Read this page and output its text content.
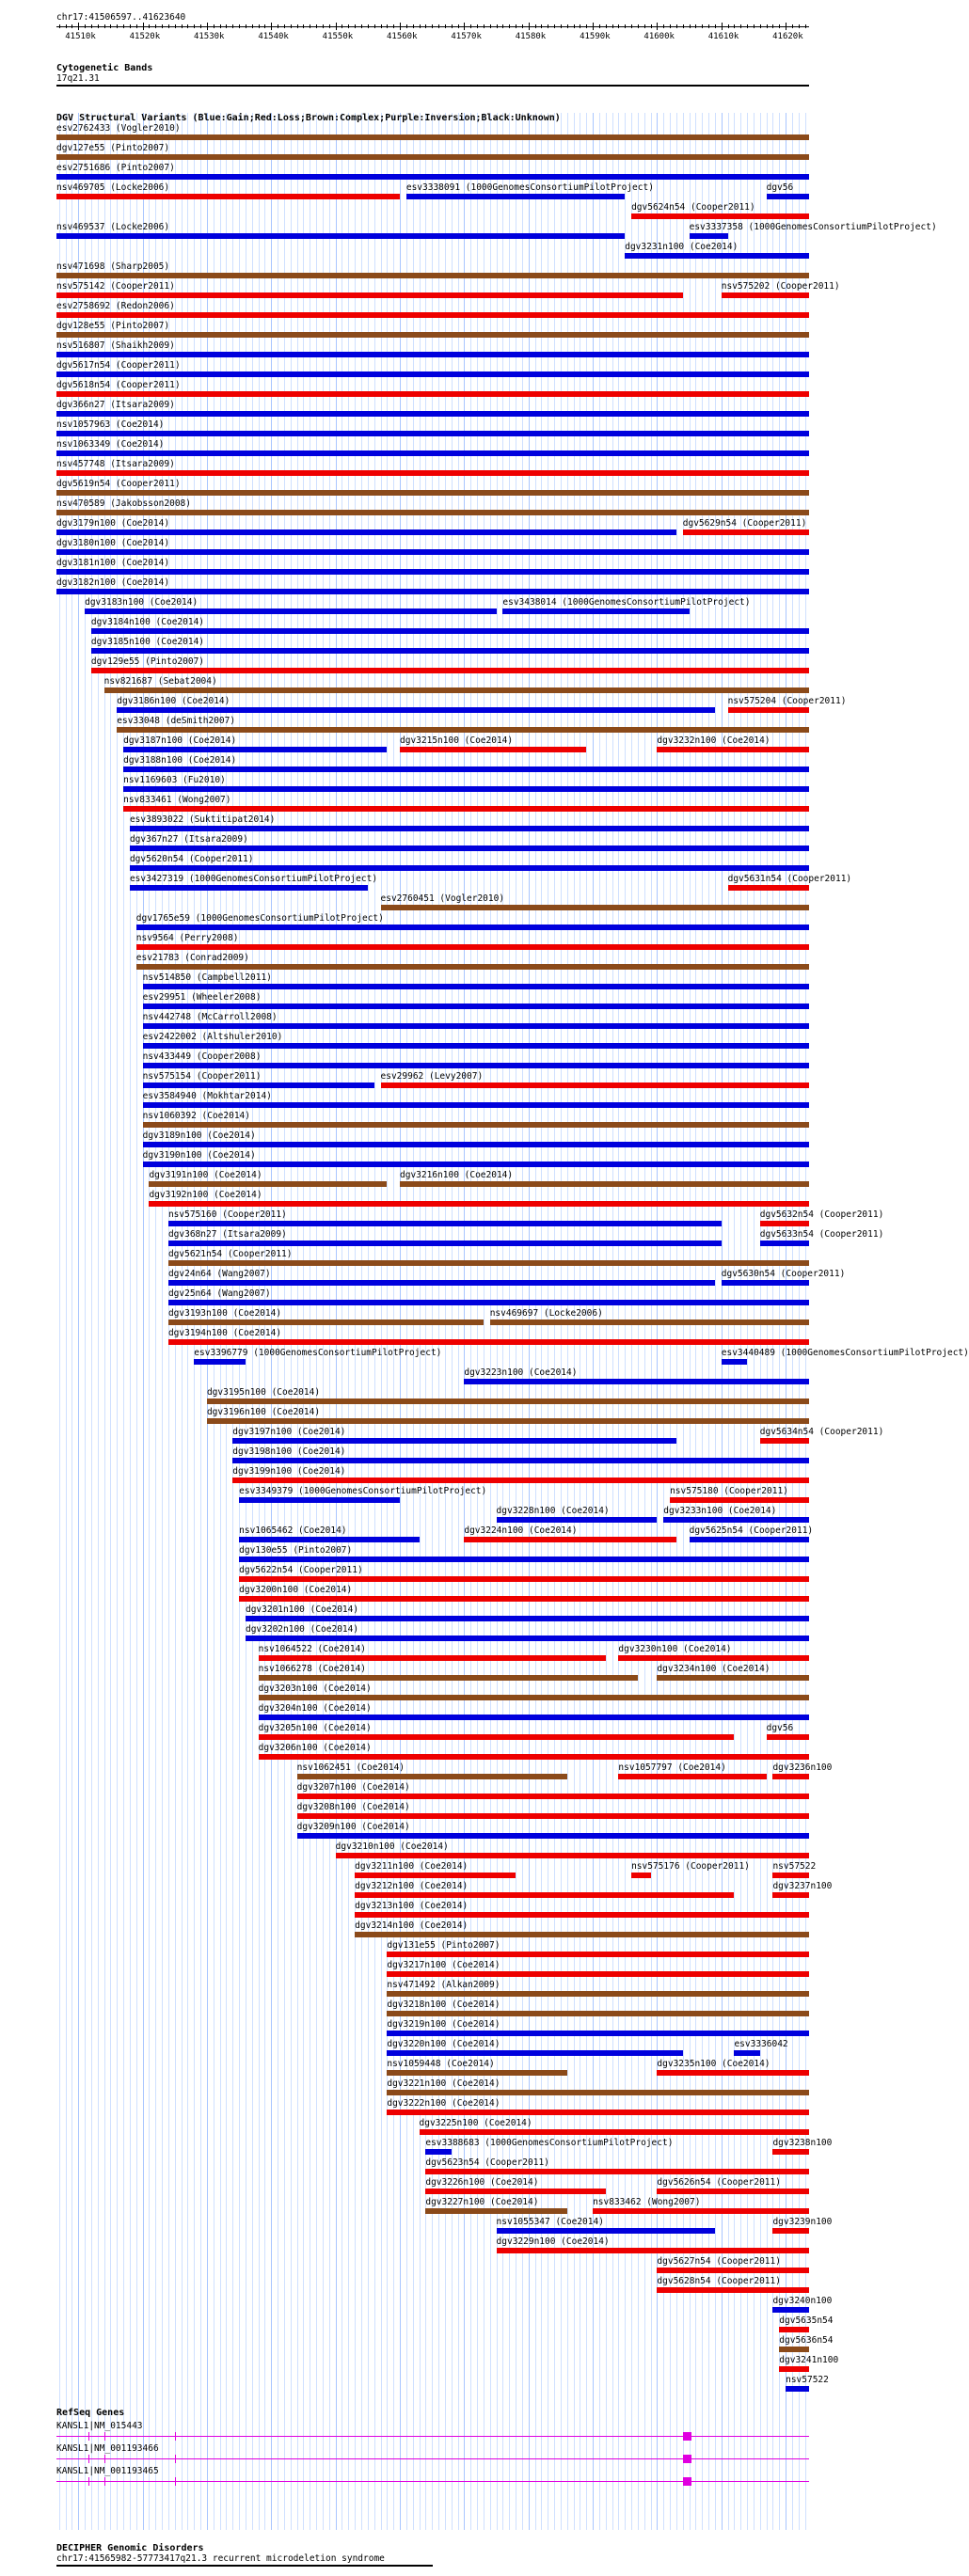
chr17:41506597..41623640
41510k	41520k	41530k	41540k	41550k	41560k	41570k	41580k	41590k	41600k	41610k	41620k
Cytogenetic Bands
17q21.31
DGV Structural Variants (Blue:Gain;Red:Loss;Brown:Complex;Purple:Inversion;Black:Unknown)
esv2762433 (Vogler2010)
dgv127e55 (Pinto2007)
esv2751686 (Pinto2007)
nsv469705 (Locke2006)	esv3338091 (1000GenomesConsortiumPilotProject)
dgv5624n54 (Cooper2011)
nsv469537 (Locke2006)
dgv3231n100 (Coe2014)
nsv471698 (Sharp2005)
nsv575142 (Cooper2011)
esv3337358 (1000GenomesConsortiumPilotProject)
esv2758692 (Redon2006)
dgv128e55 (Pinto2007)
nsv516807 (Shaikh2009)
dgv5617n54 (Cooper2011)
dgv5618n54 (Cooper2011)
dgv366n27 (Itsara2009)
nsv1057963 (Coe2014)
nsv1063349 (Coe2014)
nsv457748 (Itsara2009)
dgv5619n54 (Cooper2011)
nsv470589 (Jakobsson2008)
dgv3179n100 (Coe2014)	dgv5629n54 (Cooper2011)
dgv3180n100 (Coe2014)
dgv3181n100 (Coe2014)
dgv3182n100 (Coe2014)
dgv3183n100 (Coe2014)	esv3438014 (1000GenomesConsortiumPilotProject)
dgv56
dgv3184n100 (Coe2014)
dgv3185n100 (Coe2014)
dgv129e55 (Pinto2007)
nsv821687 (Sebat2004)
dgv3186n100 (Coe2014)
nsv575202 (Cooper2011)
esv33048 (deSmith2007)
dgv3187n100 (Coe2014)	dgv3215n100 (Coe2014)	dgv3232n100 (Coe2014)
dgv3188n100 (Coe2014)
nsv1169603 (Fu2010)
nsv833461 (Wong2007)
esv3893022 (Suktitipat2014)
dgv367n27 (Itsara2009)
dgv5620n54 (Cooper2011)
esv3427319 (1000GenomesConsortiumPilotProject)
esv2760451 (Vogler2010)
dgv1765e59 (1000GenomesConsortiumPilotProject)
nsv9564 (Perry2008)
esv21783 (Conrad2009)
nsv514850 (Campbell2011)
esv29951 (Wheeler2008)
nsv442748 (McCarroll2008)
esv2422002 (Altshuler2010)
nsv433449 (Cooper2008)
nsv575154 (Cooper2011)	esv29962 (Levy2007)
esv3584940 (Mokhtar2014)
nsv1060392 (Coe2014)
dgv3189n100 (Coe2014)
dgv3190n100 (Coe2014)
dgv3191n100 (Coe2014)	dgv3216n100 (Coe2014)
dgv3192n100 (Coe2014)
nsv575160 (Cooper2011)
nsv575204 (Cooper2011)
dgv368n27 (Itsara2009)
dgv5631n54 (Cooper2011)
dgv5621n54 (Cooper2011)
dgv24n64 (Wang2007)	dgv5630n54 (Cooper2011)
dgv25n64 (Wang2007)
dgv3193n100 (Coe2014)	nsv469697 (Locke2006)
dgv3194n100 (Coe2014)
esv3396779 (1000GenomesConsortiumPilotProject)
dgv3223n100 (Coe2014)
dgv3195n100 (Coe2014)
dgv3196n100 (Coe2014)
dgv3197n100 (Coe2014)
esv3440489 (1000GenomesConsortiumPilotProject)
dgv3198n100 (Coe2014)
dgv3199n100 (Coe2014)
esv3349379 (1000GenomesConsortiumPilotProject)
dgv3228n100 (Coe2014)
nsv575180 (Cooper2011)
nsv1065462 (Coe2014)	dgv3224n100 (Coe2014)
dgv5632n54 (Cooper2011)
dgv130e55 (Pinto2007)
dgv5622n54 (Cooper2011)
dgv3200n100 (Coe2014)
dgv3201n100 (Coe2014)
dgv3202n100 (Coe2014)
nsv1064522 (Coe2014)	dgv3230n100 (Coe2014)
nsv1066278 (Coe2014)	dgv3234n100 (Coe2014)
dgv3203n100 (Coe2014)
dgv3204n100 (Coe2014)
dgv3205n100 (Coe2014)
dgv5633n54 (Cooper2011)
dgv3206n100 (Coe2014)
nsv1062451 (Coe2014)	nsv1057797 (Coe2014)
dgv3207n100 (Coe2014)
dgv3208n100 (Coe2014)
dgv3209n100 (Coe2014)
dgv3210n100 (Coe2014)
dgv3211n100 (Coe2014)
dgv3233n100 (Coe2014)
dgv3212n100 (Coe2014)
dgv5634n54 (Cooper2011)
dgv3213n100 (Coe2014)
dgv3214n100 (Coe2014)
dgv131e55 (Pinto2007)
dgv3217n100 (Coe2014)
nsv471492 (Alkan2009)
dgv3218n100 (Coe2014)
dgv3219n100 (Coe2014)
dgv3220n100 (Coe2014)
dgv5625n54 (Cooper2011)
nsv1059448 (Coe2014)
nsv575176 (Cooper2011)
dgv56
dgv3221n100 (Coe2014)
dgv3222n100 (Coe2014)
dgv3225n100 (Coe2014)
esv3388683 (1000GenomesConsortiumPilotProject)
esv3336042
dgv5623n54 (Cooper2011)
dgv3226n100 (Coe2014)
dgv3235n100 (Coe2014)
dgv3227n100 (Coe2014)
dgv3236n100
nsv1055347 (Coe2014)
nsv57522
dgv3229n100 (Coe2014)
nsv833462 (Wong2007)
dgv5626n54 (Cooper2011)
dgv5627n54 (Cooper2011)
dgv5628n54 (Cooper2011)
dgv3237n100
dgv3238n100
dgv3239n100
dgv3240n100
dgv5635n54
dgv5636n54
dgv3241n100
nsv57522
RefSeq Genes
KANSL1|NM_015443
KANSL1|NM_001193466
KANSL1|NM_001193465
DECIPHER Genomic Disorders
chr17:41565982-57773417q21.3 recurrent microdeletion syndrome
